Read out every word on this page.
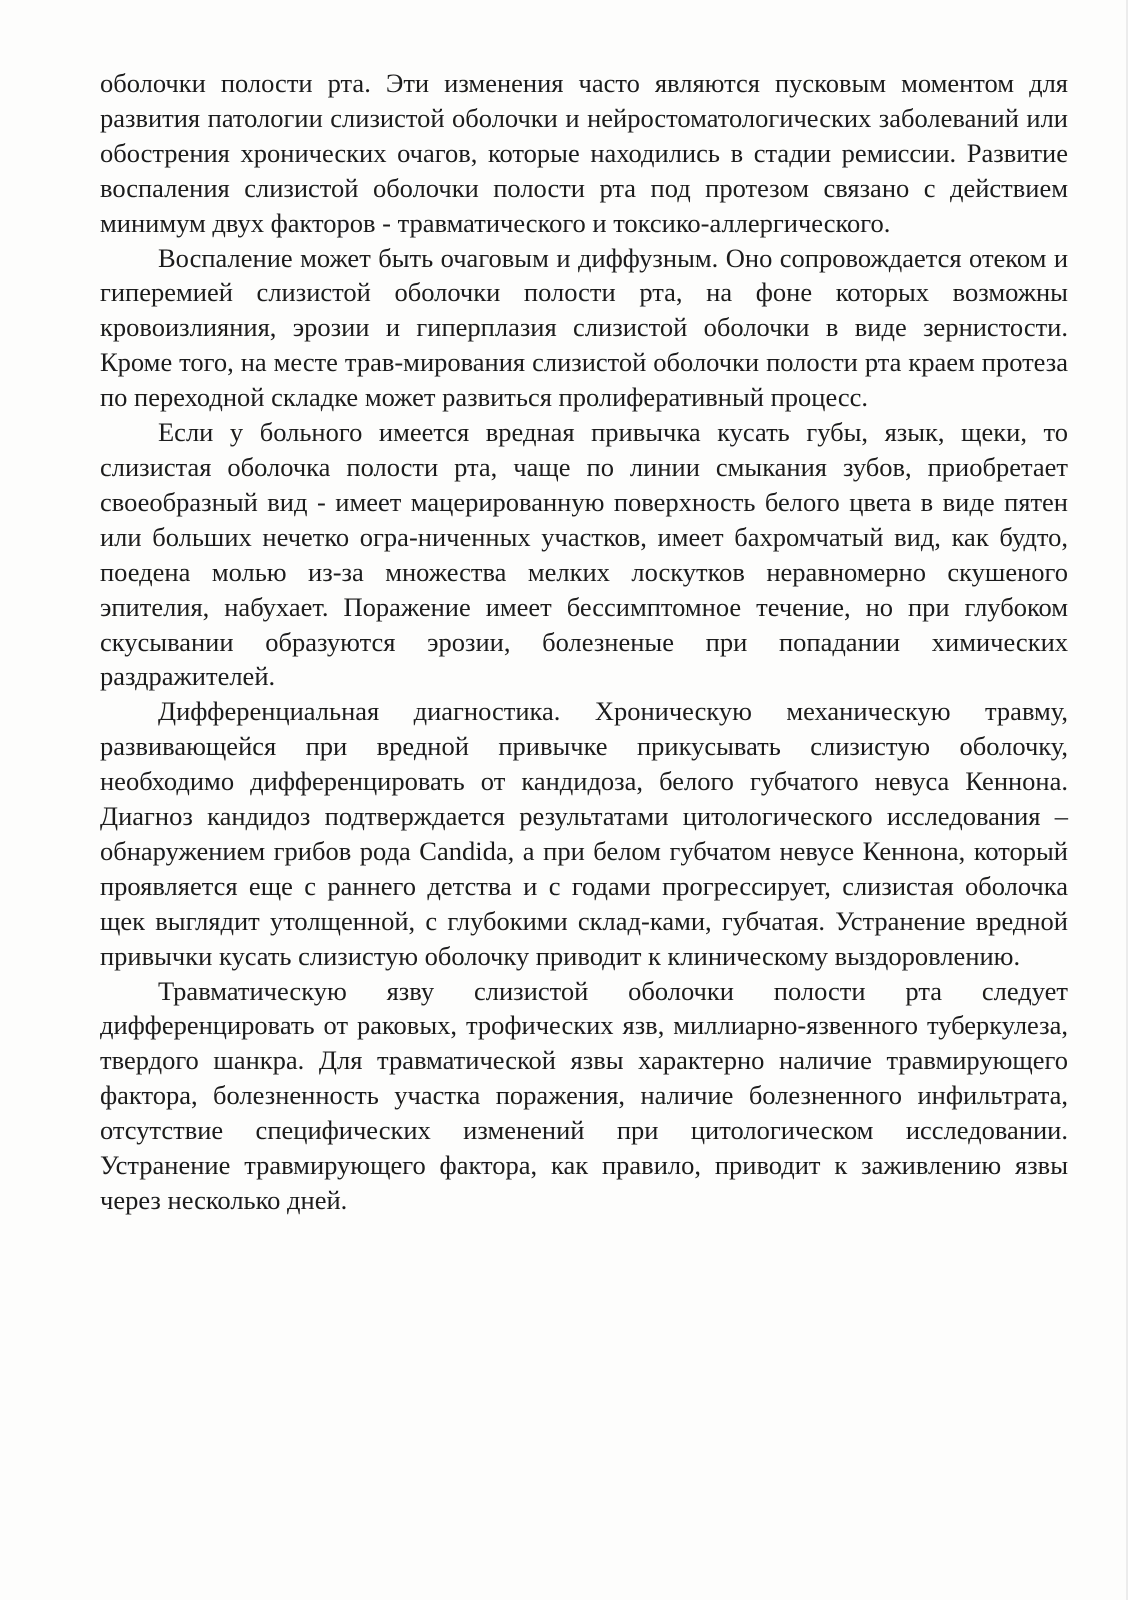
оболочки полости рта. Эти изменения часто являются пусковым моментом для развития патологии слизистой оболочки и нейростоматологических заболеваний или обострения хронических очагов, которые находились в стадии ремиссии. Развитие воспаления слизистой оболочки полости рта под протезом связано с действием минимум двух факторов - травматического и токсико-аллергического.

Воспаление может быть очаговым и диффузным. Оно сопровождается отеком и гиперемией слизистой оболочки полости рта, на фоне которых возможны кровоизлияния, эрозии и гиперплазия слизистой оболочки в виде зернистости. Кроме того, на месте трав-мирования слизистой оболочки полости рта краем протеза по переходной складке может развиться пролиферативный процесс.

Если у больного имеется вредная привычка кусать губы, язык, щеки, то слизистая оболочка полости рта, чаще по линии смыкания зубов, приобретает своеобразный вид - имеет мацерированную поверхность белого цвета в виде пятен или больших нечетко огра-ниченных участков, имеет бахромчатый вид, как будто, поедена молью из-за множества мелких лоскутков неравномерно скушеного эпителия, набухает. Поражение имеет бессимптомное течение, но при глубоком скусывании образуются эрозии, болезненые при попадании химических раздражителей.

Дифференциальная диагностика. Хроническую механическую травму, развивающейся при вредной привычке прикусывать слизистую оболочку, необходимо дифференцировать от кандидоза, белого губчатого невуса Кеннона. Диагноз кандидоз подтверждается результатами цитологического исследования – обнаружением грибов рода Candida, а при белом губчатом невусе Кеннона, который проявляется еще с раннего детства и с годами прогрессирует, слизистая оболочка щек выглядит утолщенной, с глубокими склад-ками, губчатая. Устранение вредной привычки кусать слизистую оболочку приводит к клиническому выздоровлению.

Травматическую язву слизистой оболочки полости рта следует дифференцировать от раковых, трофических язв, миллиарно-язвенного туберкулеза, твердого шанкра. Для травматической язвы характерно наличие травмирующего фактора, болезненность участка поражения, наличие болезненного инфильтрата, отсутствие специфических изменений при цитологическом исследовании. Устранение травмирующего фактора, как правило, приводит к заживлению язвы через несколько дней.
